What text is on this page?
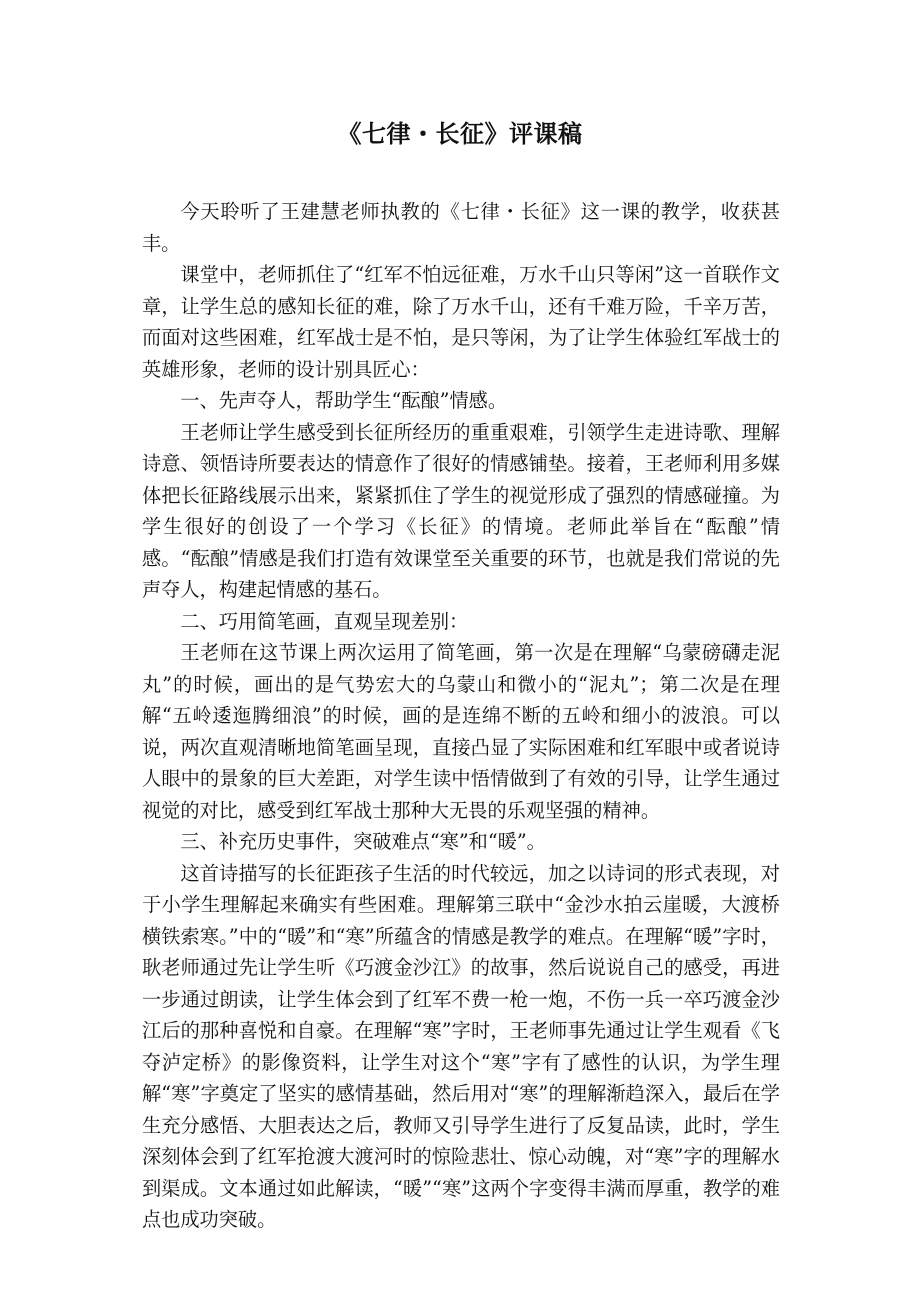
《七律・长征》评课稿

今天聆听了王建慧老师执教的《七律・长征》这一课的教学，收获甚丰。

课堂中，老师抓住了“红军不怕远征难，万水千山只等闲”这一首联作文章，让学生总的感知长征的难，除了万水千山，还有千难万险，千辛万苦，而面对这些困难，红军战士是不怕，是只等闲，为了让学生体验红军战士的英雄形象，老师的设计别具匠心：

一、先声夺人，帮助学生“酝酿”情感。

王老师让学生感受到长征所经历的重重艰难，引领学生走进诗歌、理解诗意、领悟诗所要表达的情意作了很好的情感铺垫。接着，王老师利用多媒体把长征路线展示出来，紧紧抓住了学生的视觉形成了强烈的情感碰撞。为学生很好的创设了一个学习《长征》的情境。老师此举旨在“酝酿”情感。“酝酿”情感是我们打造有效课堂至关重要的环节，也就是我们常说的先声夺人，构建起情感的基石。

二、巧用简笔画，直观呈现差别：

王老师在这节课上两次运用了简笔画，第一次是在理解“乌蒙磅礴走泥丸”的时候，画出的是气势宏大的乌蒙山和微小的“泥丸”；第二次是在理解“五岭逶迤腾细浪”的时候，画的是连绵不断的五岭和细小的波浪。可以说，两次直观清晰地简笔画呈现，直接凸显了实际困难和红军眼中或者说诗人眼中的景象的巨大差距，对学生读中悟情做到了有效的引导，让学生通过视觉的对比，感受到红军战士那种大无畏的乐观坚强的精神。

三、补充历史事件，突破难点“寒”和“暖”。

这首诗描写的长征距孩子生活的时代较远，加之以诗词的形式表现，对于小学生理解起来确实有些困难。理解第三联中“金沙水拍云崖暖，大渡桥横铁索寒。”中的“暖”和“寒”所蕴含的情感是教学的难点。在理解“暖”字时，耿老师通过先让学生听《巧渡金沙江》的故事，然后说说自己的感受，再进一步通过朗读，让学生体会到了红军不费一枪一炮，不伤一兵一卒巧渡金沙江后的那种喜悦和自豪。在理解“寒”字时，王老师事先通过让学生观看《飞夺泸定桥》的影像资料，让学生对这个“寒”字有了感性的认识，为学生理解“寒”字奠定了坚实的感情基础，然后用对“寒”的理解渐趋深入，最后在学生充分感悟、大胆表达之后，教师又引导学生进行了反复品读，此时，学生深刻体会到了红军抢渡大渡河时的惊险悲壮、惊心动魄，对“寒”字的理解水到渠成。文本通过如此解读，“暖”“寒”这两个字变得丰满而厚重，教学的难点也成功突破。
